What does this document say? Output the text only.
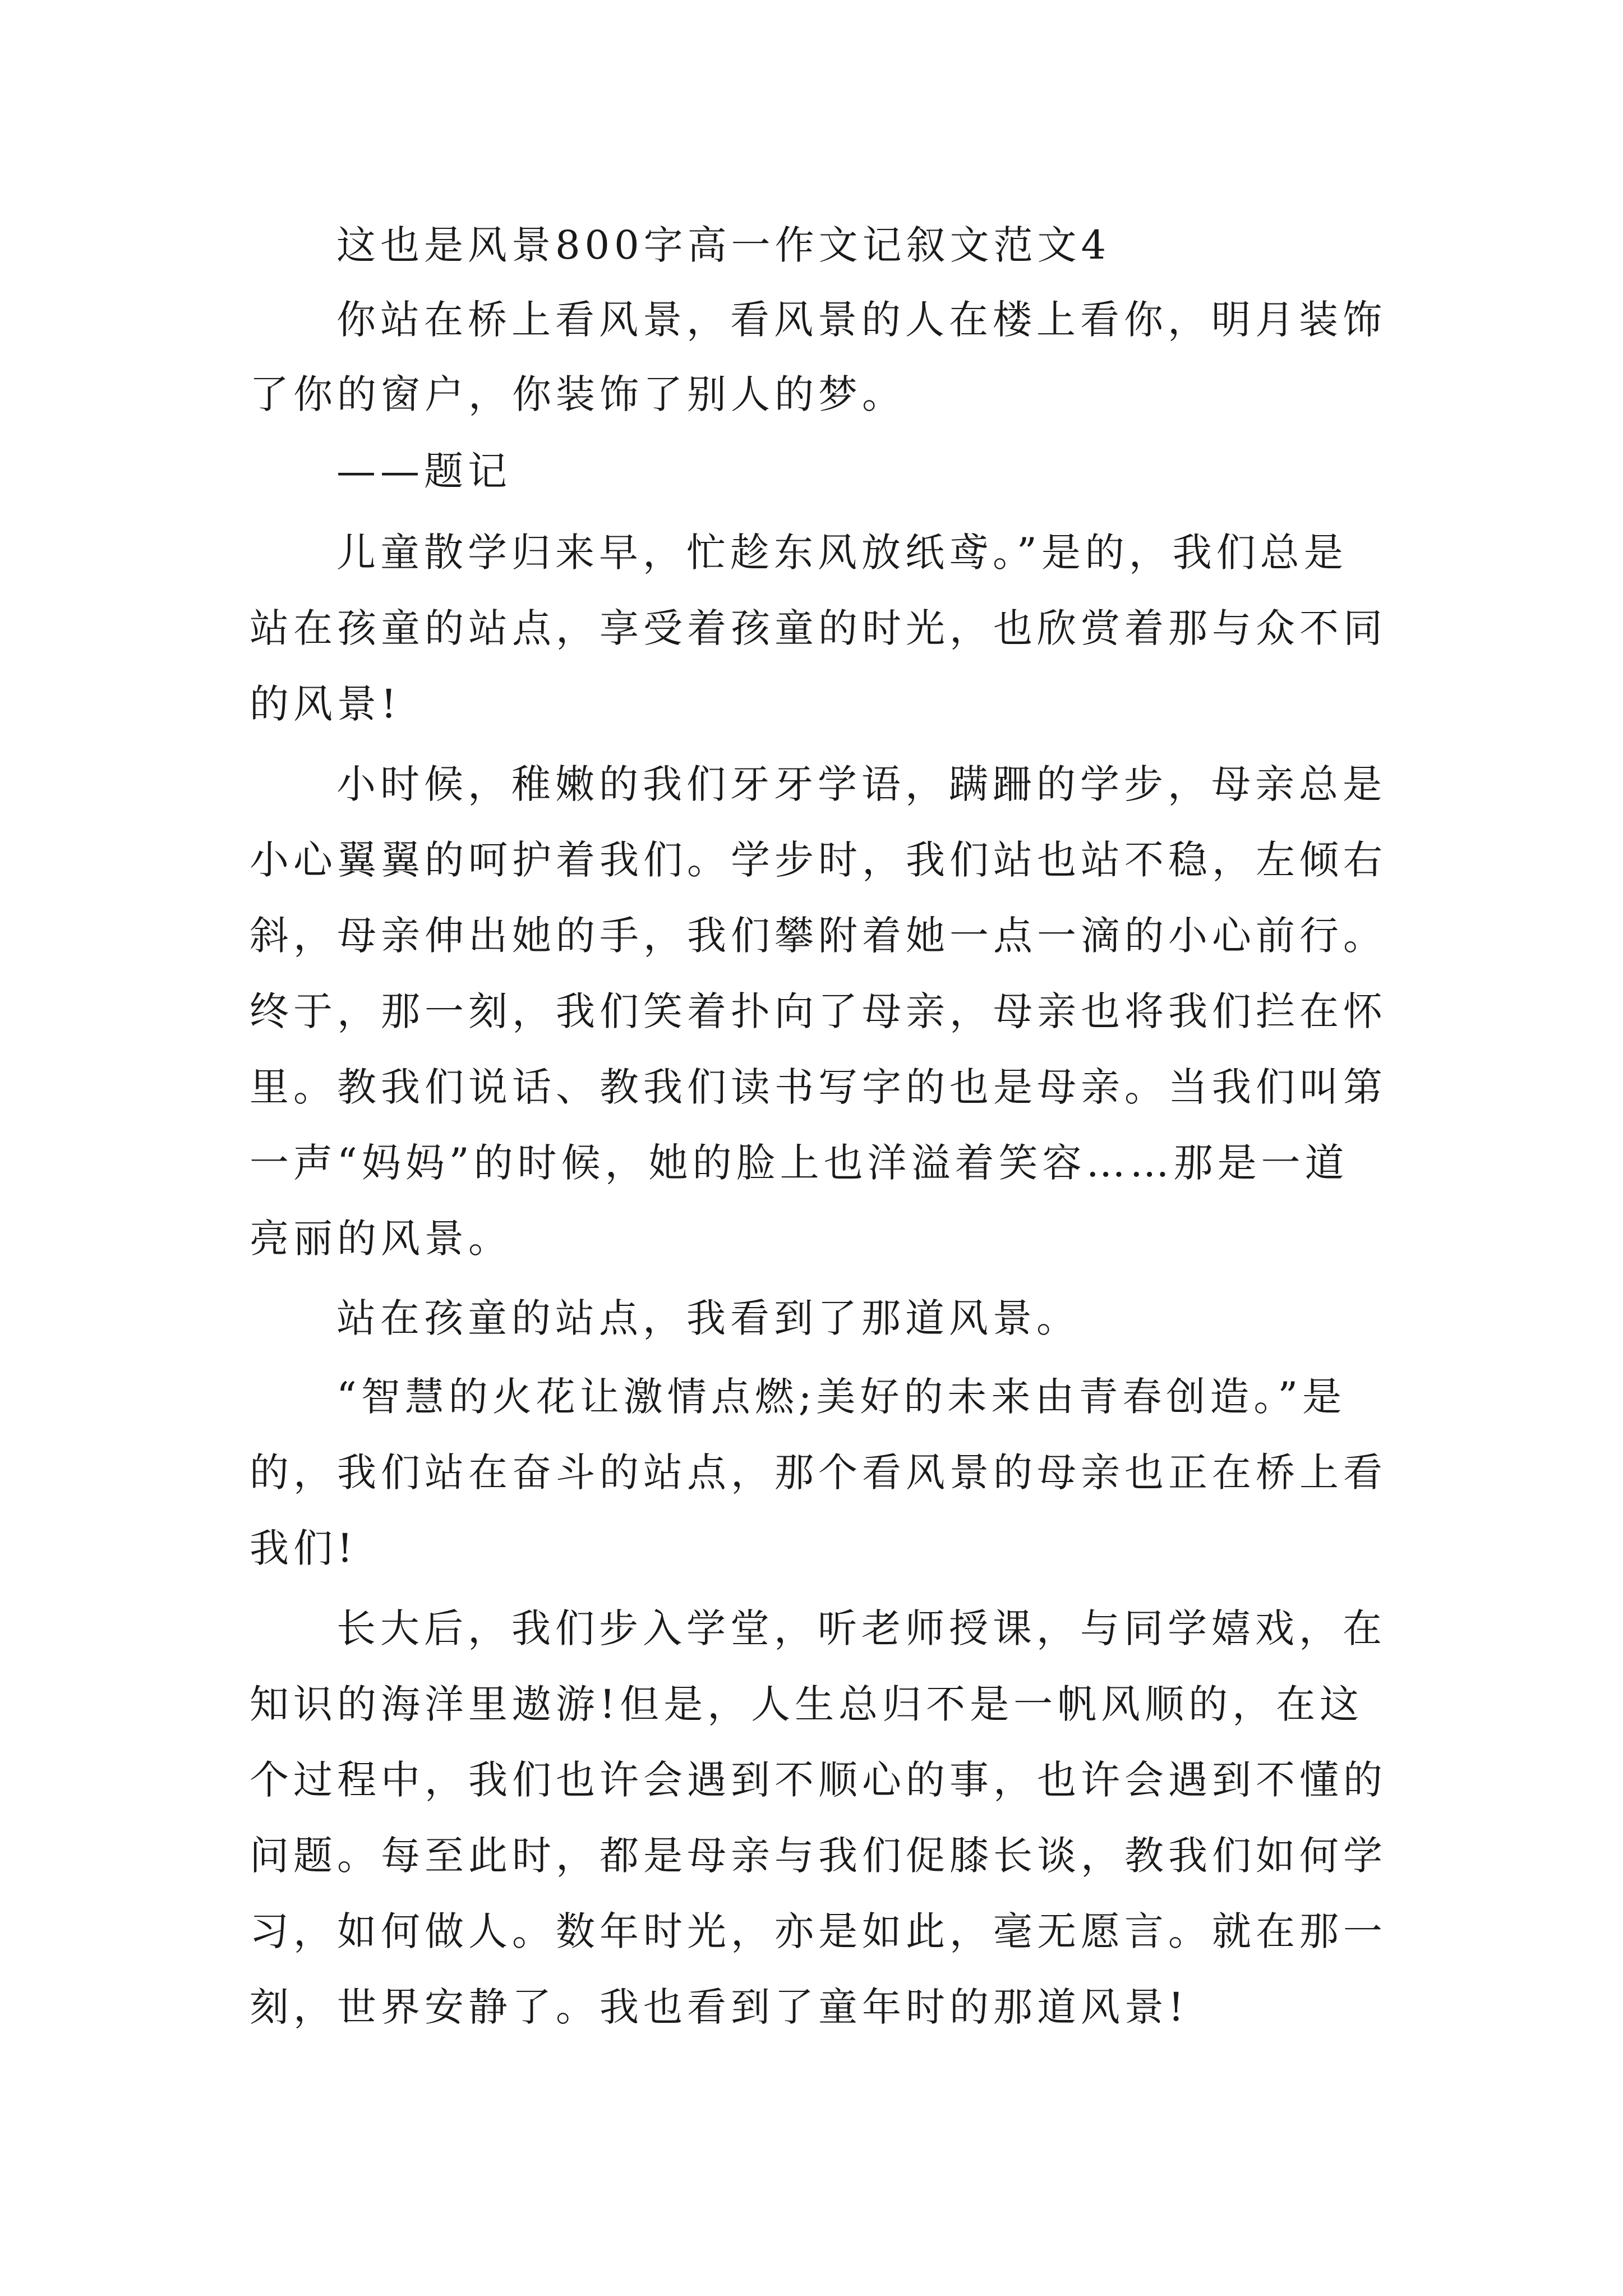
这也是风景800字高一作文记叙文范文4
你站在桥上看风景，看风景的人在楼上看你，明月装饰
了你的窗户，你装饰了别人的梦。
——题记
儿童散学归来早，忙趁东风放纸鸢。”是的，我们总是
站在孩童的站点，享受着孩童的时光，也欣赏着那与众不同
的风景!
小时候，稚嫩的我们牙牙学语，蹒跚的学步，母亲总是
小心翼翼的呵护着我们。学步时，我们站也站不稳，左倾右
斜，母亲伸出她的手，我们攀附着她一点一滴的小心前行。
终于，那一刻，我们笑着扑向了母亲，母亲也将我们拦在怀
里。教我们说话、教我们读书写字的也是母亲。当我们叫第
一声“妈妈”的时候，她的脸上也洋溢着笑容……那是一道
亮丽的风景。
站在孩童的站点，我看到了那道风景。
“智慧的火花让激情点燃;美好的未来由青春创造。”是
的，我们站在奋斗的站点，那个看风景的母亲也正在桥上看
我们!
长大后，我们步入学堂，听老师授课，与同学嬉戏，在
知识的海洋里遨游!但是，人生总归不是一帆风顺的，在这
个过程中，我们也许会遇到不顺心的事，也许会遇到不懂的
问题。每至此时，都是母亲与我们促膝长谈，教我们如何学
习，如何做人。数年时光，亦是如此，毫无愿言。就在那一
刻，世界安静了。我也看到了童年时的那道风景!
